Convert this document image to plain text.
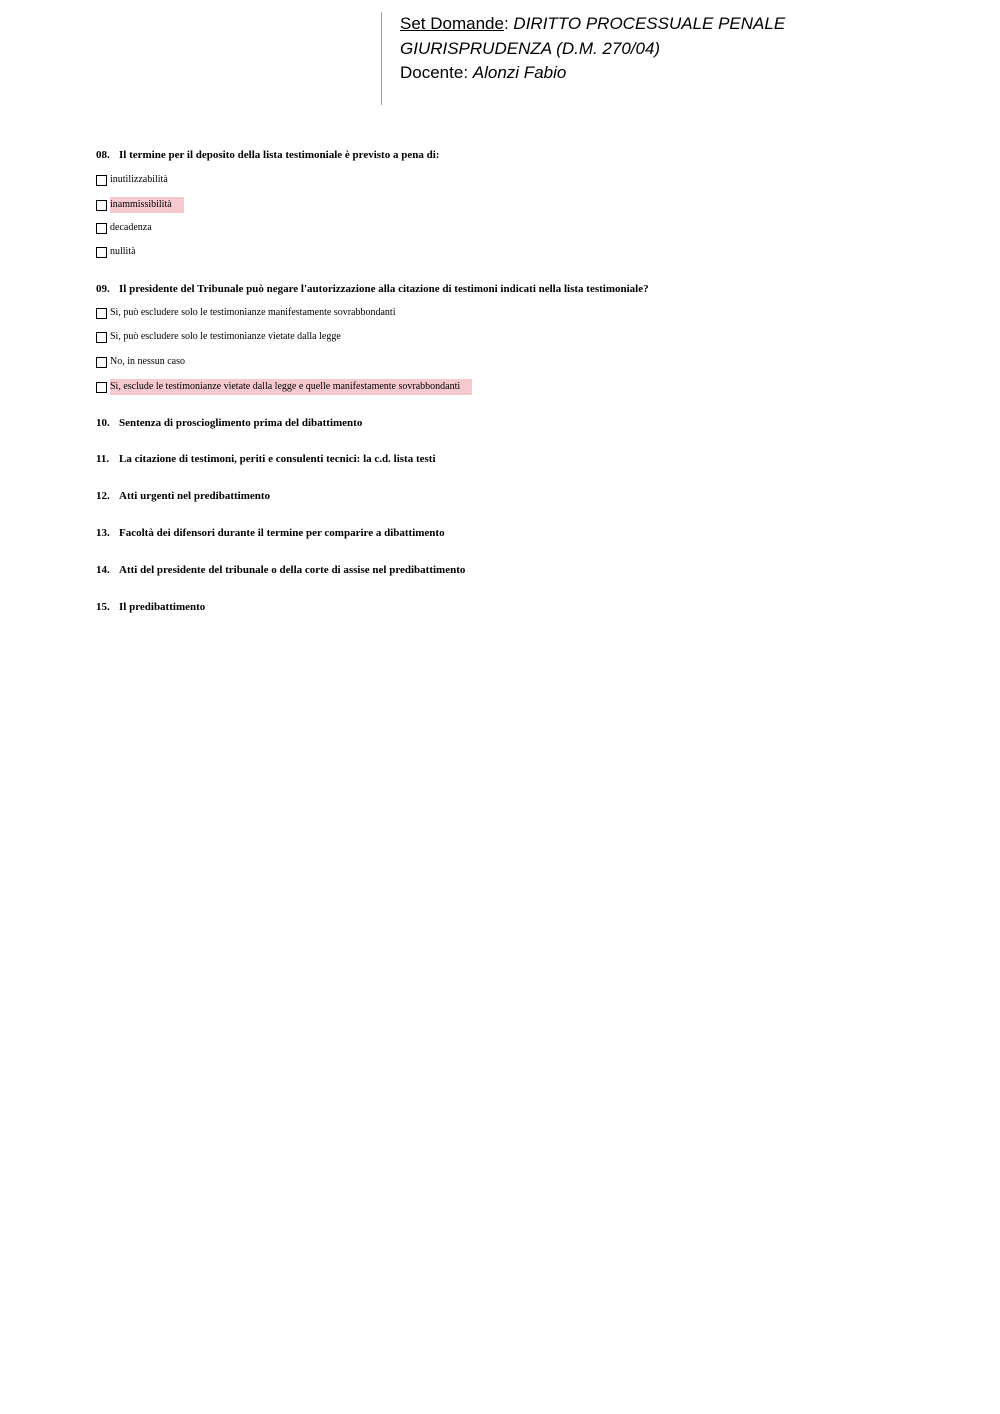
Set Domande: DIRITTO PROCESSUALE PENALE
GIURISPRUDENZA (D.M. 270/04)
Docente: Alonzi Fabio
08. Il termine per il deposito della lista testimoniale è previsto a pena di:
inutilizzabilità
inammissibilità
decadenza
nullità
09. Il presidente del Tribunale può negare l'autorizzazione alla citazione di testimoni indicati nella lista testimoniale?
Sì, può escludere solo le testimonianze manifestamente sovrabbondanti
Sì, può escludere solo le testimonianze vietate dalla legge
No, in nessun caso
Sì, esclude le testimonianze vietate dalla legge e quelle manifestamente sovrabbondanti
10. Sentenza di proscioglimento prima del dibattimento
11. La citazione di testimoni, periti e consulenti tecnici: la c.d. lista testi
12. Atti urgenti nel predibattimento
13. Facoltà dei difensori durante il termine per comparire a dibattimento
14. Atti del presidente del tribunale o della corte di assise nel predibattimento
15. Il predibattimento
